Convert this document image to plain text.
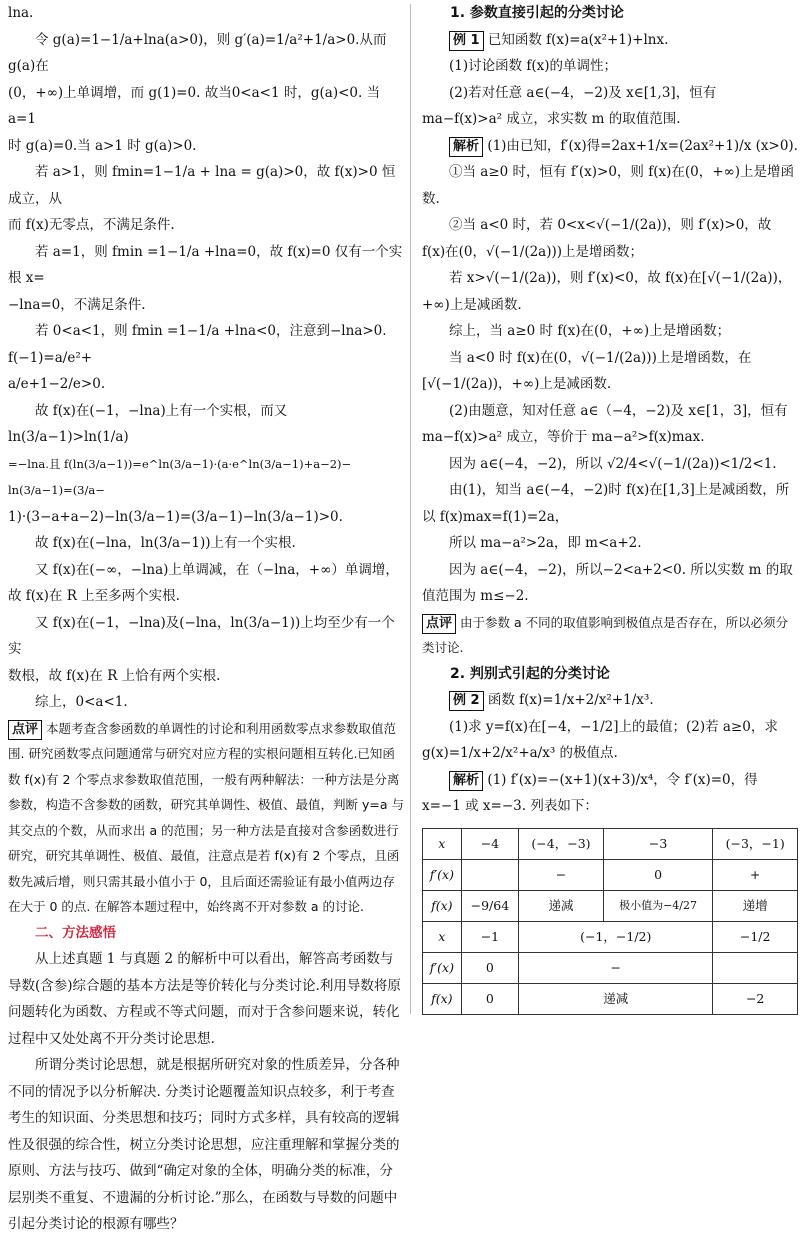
lna.

令 g(a)=1−1/a+lna(a>0)，则 g′(a)=1/a²+1/a>0.从而 g(a)在

(0，+∞)上单调增，而 g(1)=0. 故当0<a<1 时，g(a)<0. 当 a=1

时 g(a)=0.当 a>1 时 g(a)>0.

若 a>1，则 fmin=1−1/a + lna = g(a)>0，故 f(x)>0 恒成立，从

而 f(x)无零点，不满足条件.

若 a=1，则 fmin =1−1/a +lna=0，故 f(x)=0 仅有一个实根 x=

−lna=0，不满足条件.

若 0<a<1，则 fmin =1−1/a +lna<0，注意到−lna>0. f(−1)=a/e²+

a/e+1−2/e>0.

故 f(x)在(−1，−lna)上有一个实根，而又 ln(3/a−1)>ln(1/a)

=−lna.且 f(ln(3/a−1))=e^ln(3/a−1)·(a·e^ln(3/a−1)+a−2)− ln(3/a−1)=(3/a−

1)·(3−a+a−2)−ln(3/a−1)=(3/a−1)−ln(3/a−1)>0.

故 f(x)在(−lna，ln(3/a−1))上有一个实根.

又 f(x)在(−∞，−lna)上单调减，在（−lna，+∞）单调增，

故 f(x)在 R 上至多两个实根.

又 f(x)在(−1，−lna)及(−lna，ln(3/a−1))上均至少有一个实

数根，故 f(x)在 R 上恰有两个实根.

综上，0<a<1.

点评 本题考查含参函数的单调性的讨论和利用函数零点求参数取值范围. 研究函数零点问题通常与研究对应方程的实根问题相互转化.已知函数 f(x)有 2 个零点求参数取值范围，一般有两种解法：一种方法是分离参数，构造不含参数的函数，研究其单调性、极值、最值，判断 y=a 与其交点的个数，从而求出 a 的范围；另一种方法是直接对含参函数进行研究，研究其单调性、极值、最值，注意点是若 f(x)有 2 个零点，且函数先减后增，则只需其最小值小于 0，且后面还需验证有最小值两边存在大于 0 的点. 在解答本题过程中，始终离不开对参数 a 的讨论.

二、方法感悟

从上述真题 1 与真题 2 的解析中可以看出，解答高考函数与导数(含参)综合题的基本方法是等价转化与分类讨论.利用导数将原问题转化为函数、方程或不等式问题，而对于含参问题来说，转化过程中又处处离不开分类讨论思想.

所谓分类讨论思想，就是根据所研究对象的性质差异，分各种不同的情况予以分析解决. 分类讨论题覆盖知识点较多，利于考查考生的知识面、分类思想和技巧；同时方式多样，具有较高的逻辑性及很强的综合性，树立分类讨论思想，应注重理解和掌握分类的原则、方法与技巧、做到“确定对象的全体，明确分类的标准，分层别类不重复、不遗漏的分析讨论.”那么，在函数与导数的问题中引起分类讨论的根源有哪些？

1. 参数直接引起的分类讨论

例 1 已知函数 f(x)=a(x²+1)+lnx.

(1)讨论函数 f(x)的单调性；

(2)若对任意 a∈(−4，−2)及 x∈[1,3]，恒有 ma−f(x)>a² 成立，求实数 m 的取值范围.

解析 (1)由已知，f′(x)得=2ax+1/x=(2ax²+1)/x (x>0).

①当 a≥0 时，恒有 f′(x)>0，则 f(x)在(0，+∞)上是增函数.

②当 a<0 时，若 0<x<√(−1/(2a))，则 f′(x)>0，故 f(x)在(0，√(−1/(2a)))上是增函数；

若 x>√(−1/(2a))，则 f′(x)<0，故 f(x)在[√(−1/(2a))，+∞)上是减函数.

综上，当 a≥0 时 f(x)在(0，+∞)上是增函数；

当 a<0 时 f(x)在(0，√(−1/(2a)))上是增函数，在[√(−1/(2a))，+∞)上是减函数.

(2)由题意，知对任意 a∈（−4，−2)及 x∈[1，3]，恒有 ma−f(x)>a² 成立，等价于 ma−a²>f(x)max.

因为 a∈(−4，−2)，所以 √2/4<√(−1/(2a))<1/2<1.

由(1)，知当 a∈(−4，−2)时 f(x)在[1,3]上是减函数，所以 f(x)max=f(1)=2a，

所以 ma−a²>2a，即 m<a+2.

因为 a∈(−4，−2)，所以−2<a+2<0. 所以实数 m 的取值范围为 m≤−2.

点评 由于参数 a 不同的取值影响到极值点是否存在，所以必须分类讨论.

2. 判别式引起的分类讨论

例 2 函数 f(x)=1/x+2/x²+1/x³.

(1)求 y=f(x)在[−4，−1/2]上的最值；(2)若 a≥0，求 g(x)=1/x+2/x²+a/x³ 的极值点.

解析 (1) f′(x)=−(x+1)(x+3)/x⁴，令 f′(x)=0，得 x=−1 或 x=−3. 列表如下：

x	−4	(−4，−3)	−3	(−3，−1)
f′(x)		−	0	+
f(x)	−9/64	递减	极小值为−4/27	递增
x	−1	(−1，−1/2)		−1/2
f′(x)	0	−		
f(x)	0	递减		−2
